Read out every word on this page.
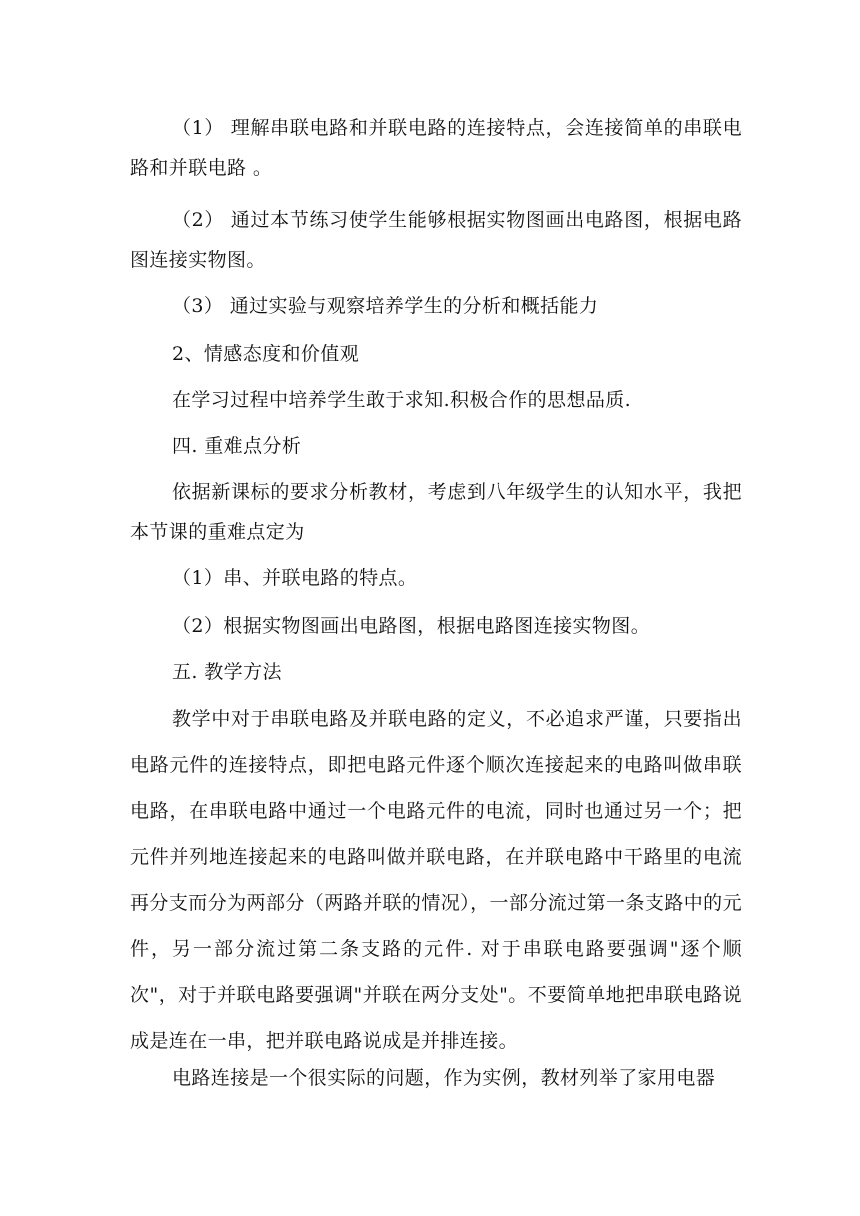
（1） 理解串联电路和并联电路的连接特点，会连接简单的串联电路和并联电路 。

（2） 通过本节练习使学生能够根据实物图画出电路图，根据电路图连接实物图。

（3） 通过实验与观察培养学生的分析和概括能力
2、情感态度和价值观
在学习过程中培养学生敢于求知.积极合作的思想品质.
四. 重难点分析

依据新课标的要求分析教材，考虑到八年级学生的认知水平，我把本节课的重难点定为

（1）串、并联电路的特点。
（2）根据实物图画出电路图，根据电路图连接实物图。
五. 教学方法

教学中对于串联电路及并联电路的定义，不必追求严谨，只要指出电路元件的连接特点，即把电路元件逐个顺次连接起来的电路叫做串联电路，在串联电路中通过一个电路元件的电流，同时也通过另一个；把元件并列地连接起来的电路叫做并联电路，在并联电路中干路里的电流再分支而分为两部分（两路并联的情况），一部分流过第一条支路中的元件，另一部分流过第二条支路的元件. 对于串联电路要强调"逐个顺次"，对于并联电路要强调"并联在两分支处"。不要简单地把串联电路说成是连在一串，把并联电路说成是并排连接。

电路连接是一个很实际的问题，作为实例，教材列举了家用电器
